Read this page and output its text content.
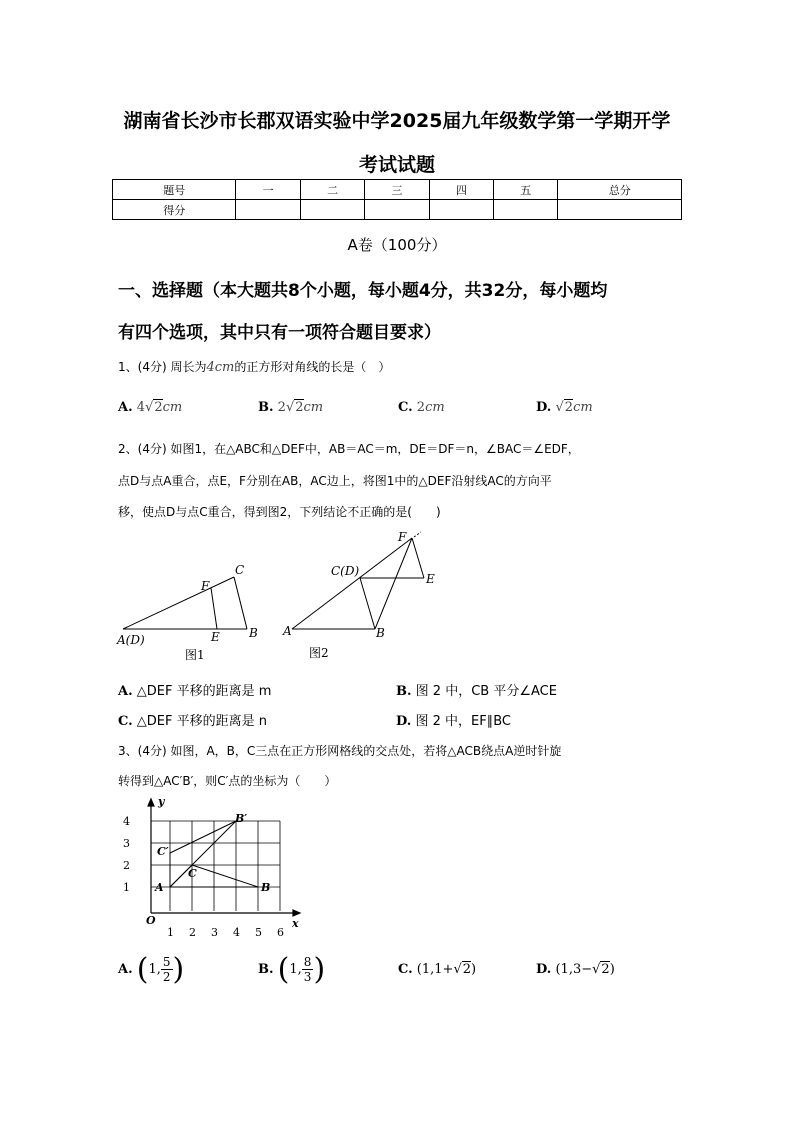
湖南省长沙市长郡双语实验中学2025届九年级数学第一学期开学
考试试题
题号	一	二	三	四	五	总分
得分						
A卷（100分）
一、选择题（本大题共8个小题，每小题4分，共32分，每小题均
有四个选项，其中只有一项符合题目要求）
1、(4分) 周长为4cm的正方形对角线的长是（　）
A. 4√2cm	B. 2√2cm	C. 2cm	D. √2cm
2、(4分) 如图1，在△ABC和△DEF中，AB＝AC＝m，DE＝DF＝n，∠BAC＝∠EDF，
点D与点A重合，点E，F分别在AB，AC边上，将图1中的△DEF沿射线AC的方向平
移，使点D与点C重合，得到图2，下列结论不正确的是(　　)
A(D)	B
C
E
F
图1
A	B
C(D)
E
F
图2
A. △DEF 平移的距离是 m	B. 图 2 中，CB 平分∠ACE
C. △DEF 平移的距离是 n	D. 图 2 中，EF∥BC
3、(4分) 如图，A，B，C三点在正方形网格线的交点处，若将△ACB绕点A逆时针旋
转得到△AC′B′，则C′点的坐标为（　　）
y
x
O
1 2 3 4 5 6
1
2
3
4
A	B
C
C′
B′
A. (1, $\frac{5}{2}$ )	B. (1, $\frac{8}{3}$ )	C. (1,1+√2)	D. (1,3−√2)
